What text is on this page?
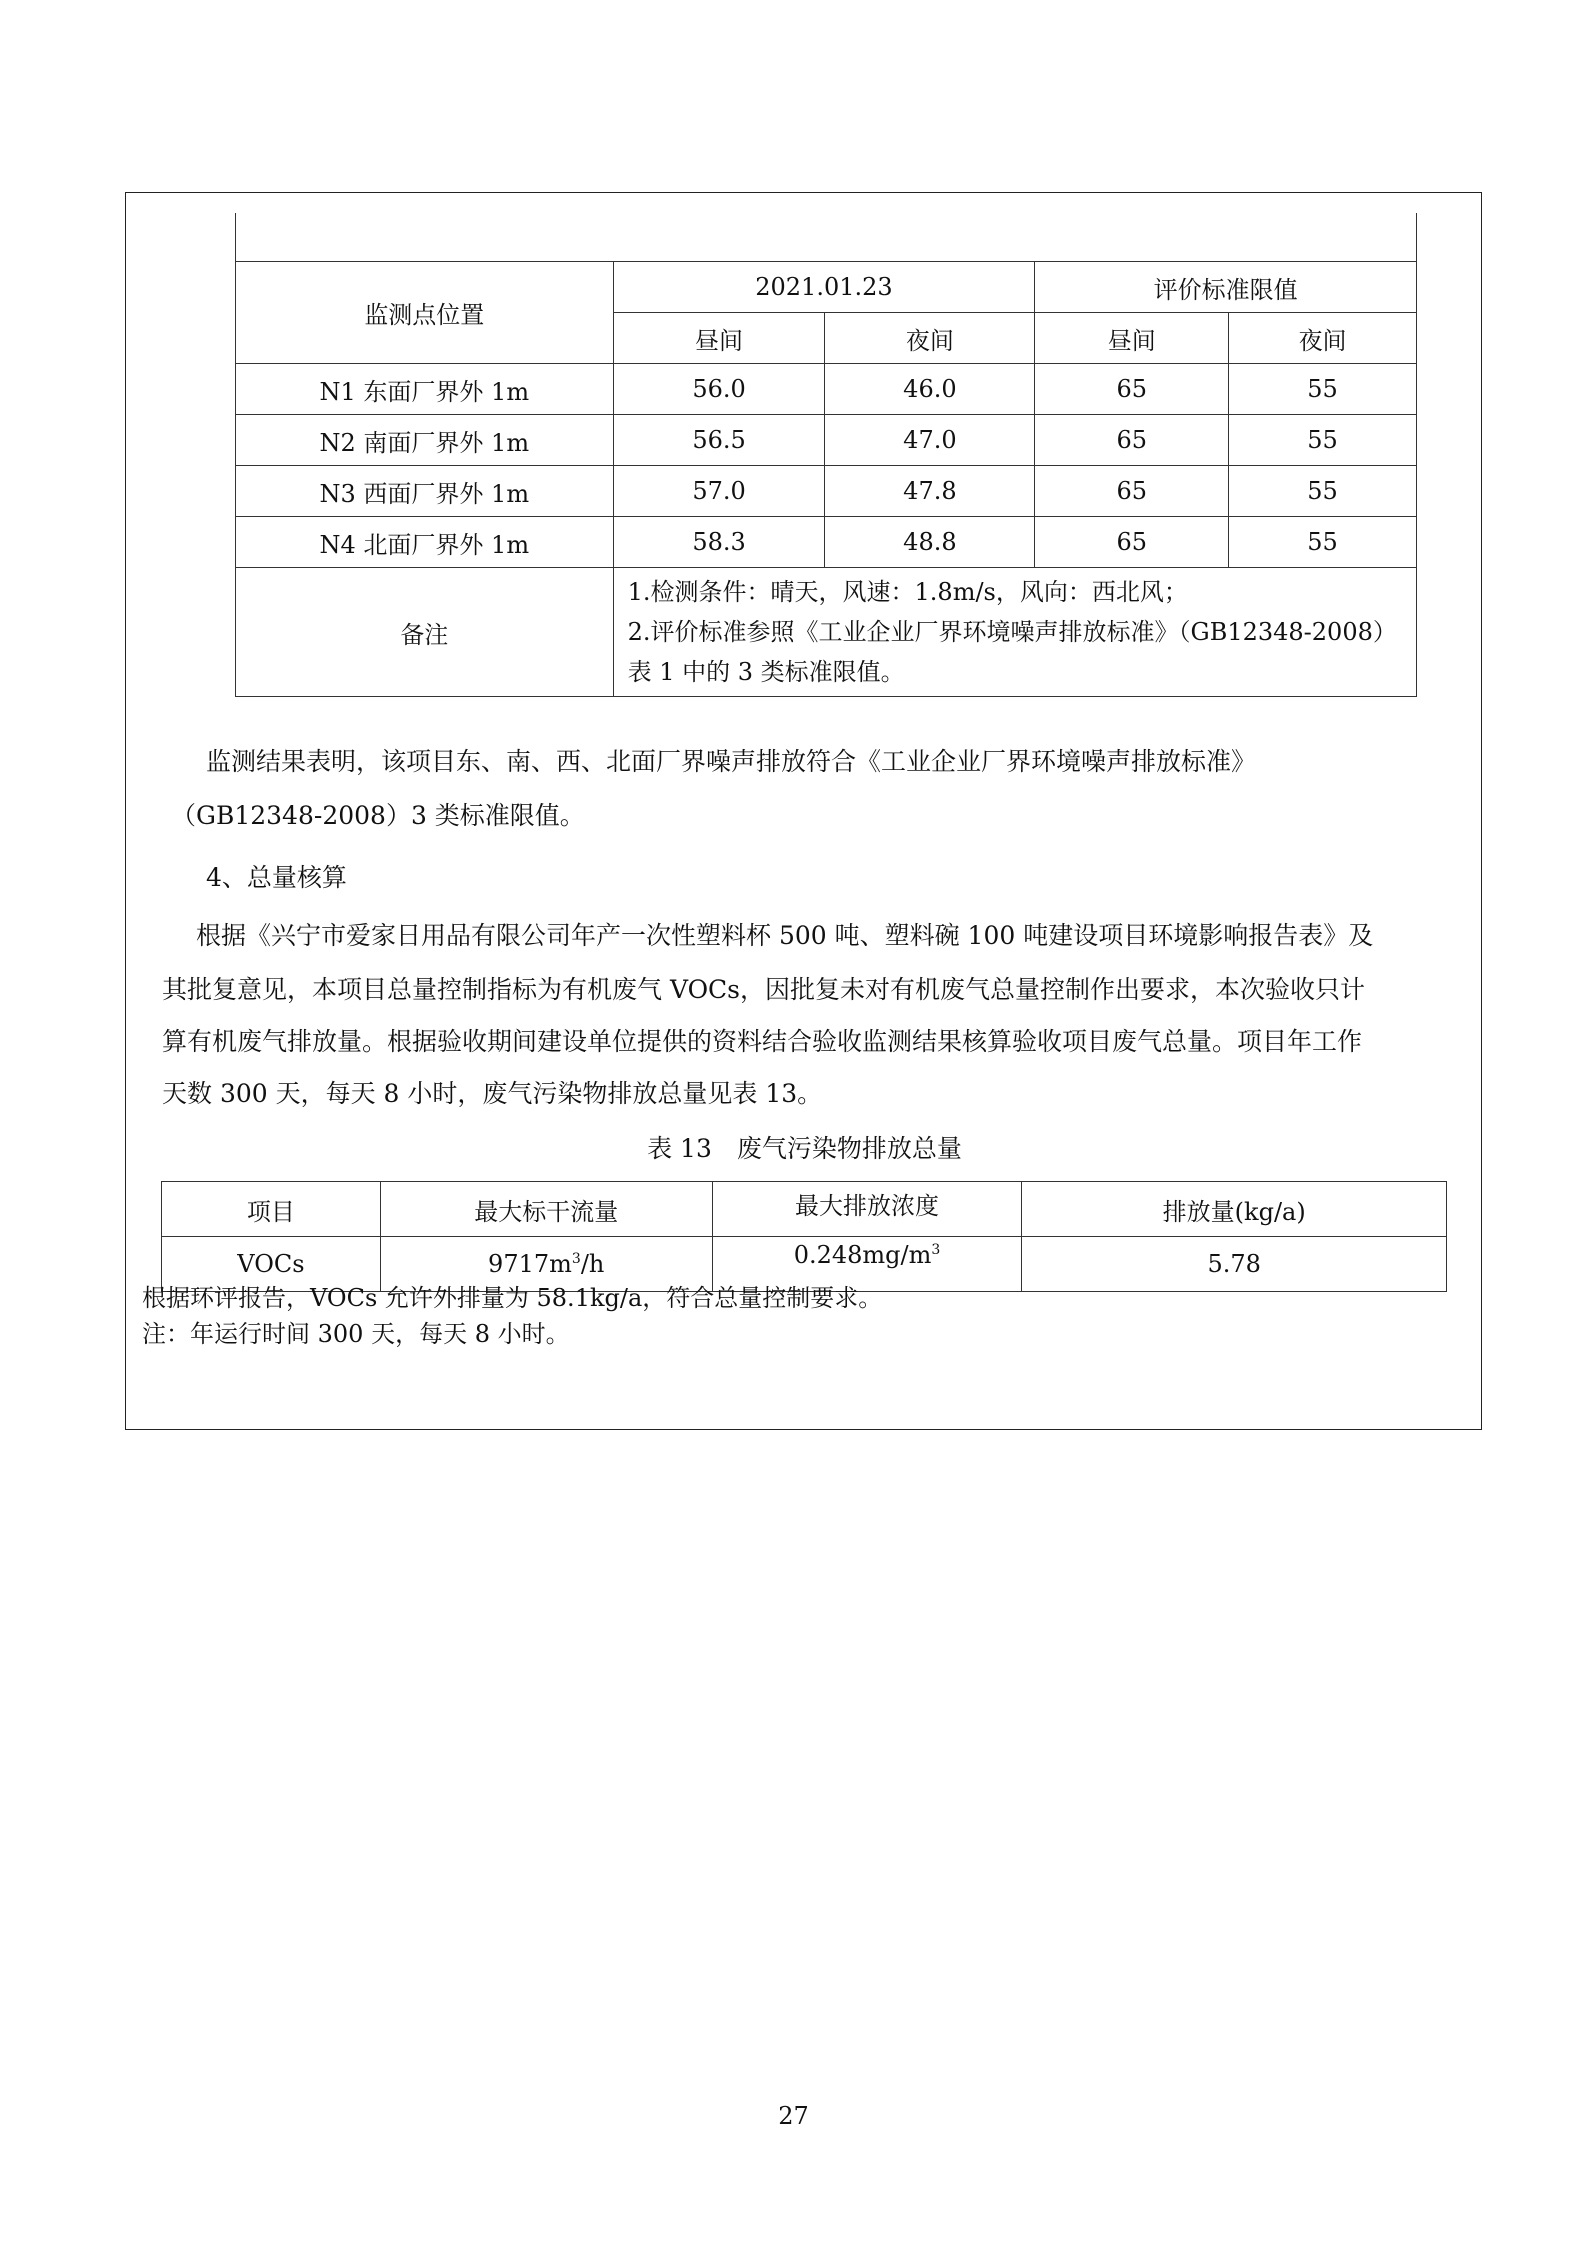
监测点位置	2021.01.23		评价标准限值	
	昼间	夜间	昼间	夜间
N1 东面厂界外 1m	56.0	46.0	65	55
N2 南面厂界外 1m	56.5	47.0	65	55
N3 西面厂界外 1m	57.0	47.8	65	55
N4 北面厂界外 1m	58.3	48.8	65	55
备注	1.检测条件：晴天，风速：1.8m/s，风向：西北风；
2.评价标准参照《工业企业厂界环境噪声排放标准》（GB12348-2008）
表 1 中的 3 类标准限值。			
监测结果表明，该项目东、南、西、北面厂界噪声排放符合《工业企业厂界环境噪声排放标准》
（GB12348-2008）3 类标准限值。
4、总量核算
根据《兴宁市爱家日用品有限公司年产一次性塑料杯 500 吨、塑料碗 100 吨建设项目环境影响报告表》及
其批复意见，本项目总量控制指标为有机废气 VOCs，因批复未对有机废气总量控制作出要求，本次验收只计
算有机废气排放量。根据验收期间建设单位提供的资料结合验收监测结果核算验收项目废气总量。项目年工作
天数 300 天，每天 8 小时，废气污染物排放总量见表 13。
表 13　废气污染物排放总量
项目	最大标干流量	最大排放浓度	排放量(kg/a)
VOCs	$9717m^3/h$	$0.248mg/m^3$	5.78
根据环评报告，VOCs 允许外排量为 58.1kg/a，符合总量控制要求。
注：年运行时间 300 天，每天 8 小时。
27
